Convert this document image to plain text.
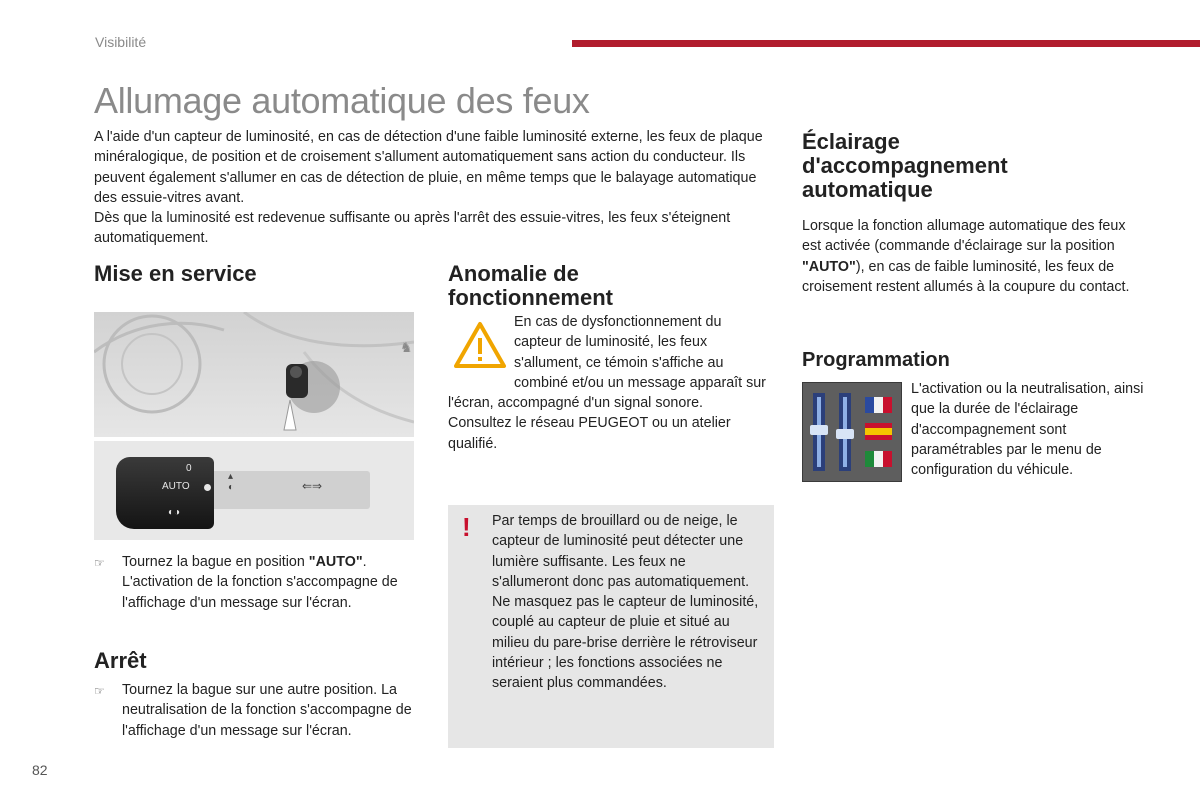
Visibilité
Allumage automatique des feux
A l'aide d'un capteur de luminosité, en cas de détection d'une faible luminosité externe, les feux de plaque minéralogique, de position et de croisement s'allument automatiquement sans action du conducteur. Ils peuvent également s'allumer en cas de détection de pluie, en même temps que le balayage automatique des essuie-vitres avant.
Dès que la luminosité est redevenue suffisante ou après l'arrêt des essuie-vitres, les feux s'éteignent automatiquement.
Mise en service
♞
0
AUTO
◐◑
▴
◐	⇐⇒
☞ Tournez la bague en position "AUTO". L'activation de la fonction s'accompagne de l'affichage d'un message sur l'écran.
Arrêt
☞ Tournez la bague sur une autre position. La neutralisation de la fonction s'accompagne de l'affichage d'un message sur l'écran.
Anomalie de
fonctionnement
En cas de dysfonctionnement du capteur de luminosité, les feux s'allument, ce témoin s'affiche au combiné et/ou un message apparaît sur l'écran, accompagné d'un signal sonore. Consultez le réseau PEUGEOT ou un atelier qualifié.
! Par temps de brouillard ou de neige, le capteur de luminosité peut détecter une lumière suffisante. Les feux ne s'allumeront donc pas automatiquement. Ne masquez pas le capteur de luminosité, couplé au capteur de pluie et situé au milieu du pare-brise derrière le rétroviseur intérieur ; les fonctions associées ne seraient plus commandées.
Éclairage
d'accompagnement
automatique
Lorsque la fonction allumage automatique des feux est activée (commande d'éclairage sur la position "AUTO"), en cas de faible luminosité, les feux de croisement restent allumés à la coupure du contact.
Programmation
L'activation ou la neutralisation, ainsi que la durée de l'éclairage d'accompagnement sont paramétrables par le menu de configuration du véhicule.
82
